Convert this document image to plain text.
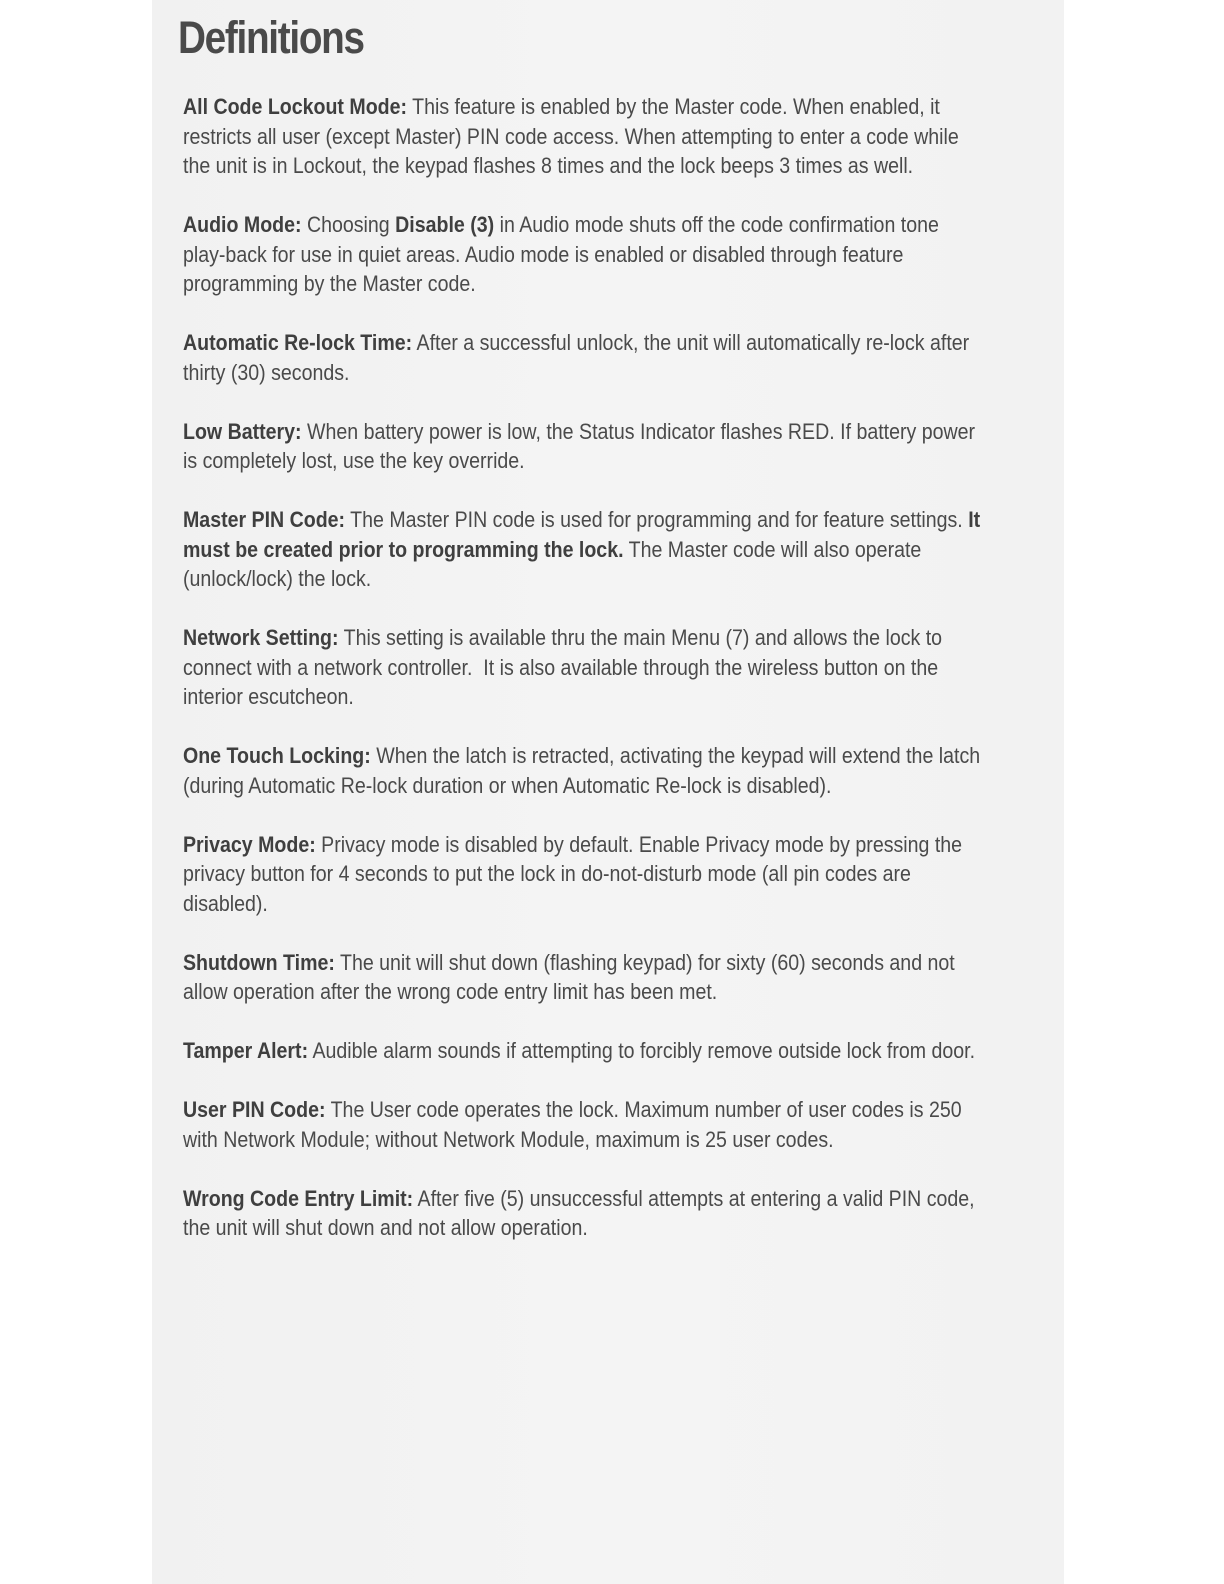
Definitions

All Code Lockout Mode: This feature is enabled by the Master code. When enabled, it
restricts all user (except Master) PIN code access. When attempting to enter a code while
the unit is in Lockout, the keypad flashes 8 times and the lock beeps 3 times as well.

Audio Mode: Choosing Disable (3) in Audio mode shuts off the code confirmation tone
play-back for use in quiet areas. Audio mode is enabled or disabled through feature
programming by the Master code.

Automatic Re-lock Time: After a successful unlock, the unit will automatically re-lock after
thirty (30) seconds.

Low Battery: When battery power is low, the Status Indicator flashes RED. If battery power
is completely lost, use the key override.

Master PIN Code: The Master PIN code is used for programming and for feature settings. It
must be created prior to programming the lock. The Master code will also operate
(unlock/lock) the lock.

Network Setting: This setting is available thru the main Menu (7) and allows the lock to
connect with a network controller.  It is also available through the wireless button on the
interior escutcheon.

One Touch Locking: When the latch is retracted, activating the keypad will extend the latch
(during Automatic Re-lock duration or when Automatic Re-lock is disabled).

Privacy Mode: Privacy mode is disabled by default. Enable Privacy mode by pressing the
privacy button for 4 seconds to put the lock in do-not-disturb mode (all pin codes are
disabled).

Shutdown Time: The unit will shut down (flashing keypad) for sixty (60) seconds and not
allow operation after the wrong code entry limit has been met.

Tamper Alert: Audible alarm sounds if attempting to forcibly remove outside lock from door.

User PIN Code: The User code operates the lock. Maximum number of user codes is 250
with Network Module; without Network Module, maximum is 25 user codes.

Wrong Code Entry Limit: After five (5) unsuccessful attempts at entering a valid PIN code,
the unit will shut down and not allow operation.
